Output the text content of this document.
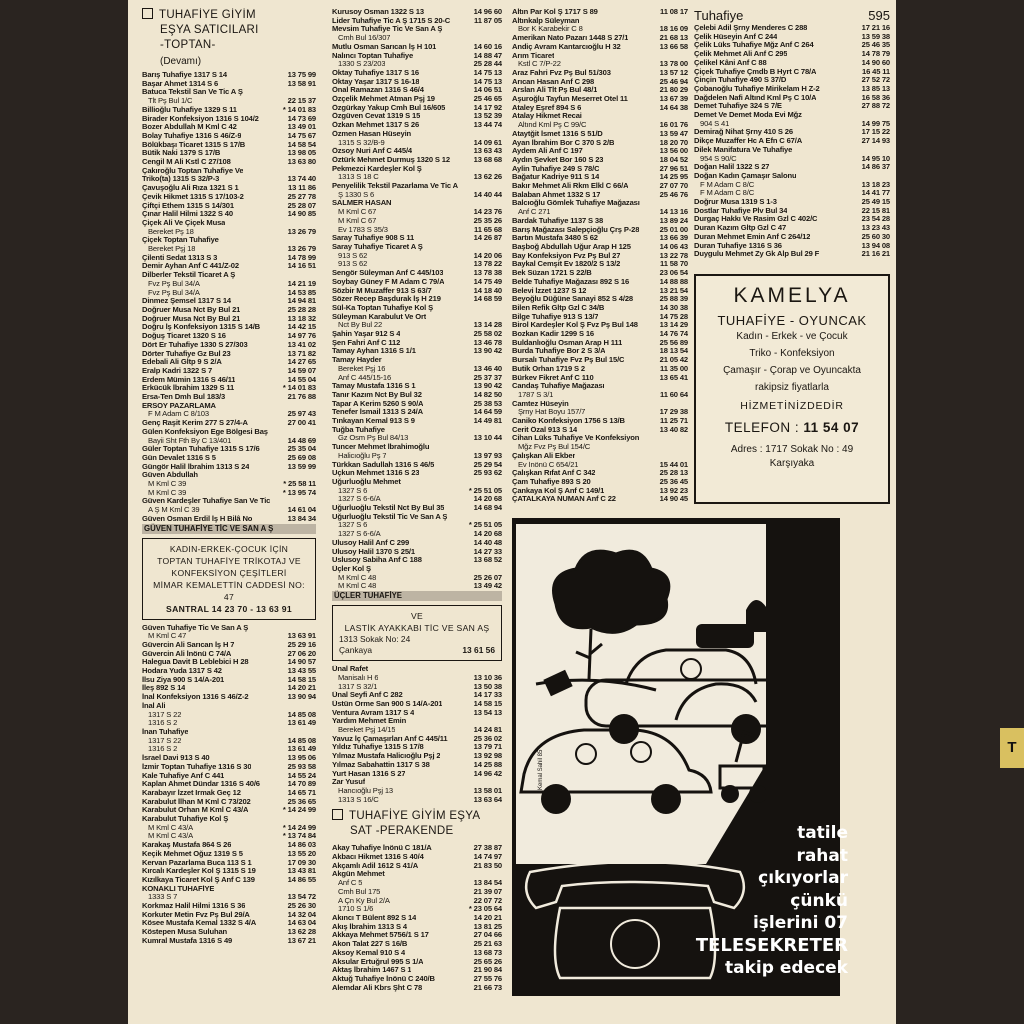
TUHAFİYE GİYİM
EŞYA SATICILARI
-TOPTAN-
(Devamı)
Barış Tuhafiye 1317 S 14	13 75 99
Başar Ahmet 1314 S 6	13 58 91
Batuca Tekstil San Ve Tic A Ş
Tlt Pş Bul 1/C	22 15 37
Billioğlu Tuhafiye 1329 S 11	* 14 01 83
Birader Konfeksiyon 1316 S 104/2	14 73 69
Bozer Abdullah M Kml C 42	13 49 01
Bolay Tuhafiye 1316 S 46/Z-9	14 75 67
Bölükbaşı Ticaret 1315 S 17/B	14 58 54
Bütik Naki 1379 S 17/B	13 98 05
Cengil M Ali Kstl C 27/108	13 63 80
Çakıroğlu Toptan Tuhafiye Ve
Triko(ta) 1315 S 32/P-3	13 74 40
Çavuşoğlu Ali Rıza 1321 S 1	13 11 86
Çevik Hikmet 1315 S 17/103-2	25 27 78
Çiftçi Ethem 1315 S 14/301	25 28 07
Çınar Halil Hilmi 1322 S 40	14 90 85
Çiçek Ali Ve Çiçek Musa
Bereket Pş 18	13 26 79
Çiçek Toptan Tuhafiye
Bereket Pşj 18	13 26 79
Çilenti Sedat 1313 S 3	14 78 99
Demir Ayhan Anf C 441/Z-02	14 16 51
Dilberler Tekstil Ticaret A Ş
Fvz Pş Bul 34/A	14 21 19
Fvz Pş Bul 34/A	14 53 85
Dinmez Şemsel 1317 S 14	14 94 81
Doğruer Musa Nct By Bul 21	25 28 28
Doğruer Musa Nct By Bul 21	13 18 32
Doğru İş Konfeksiyon 1315 S 14/B	14 42 15
Doğuş Ticaret 1320 S 16	14 97 76
Dört Er Tuhafiye 1330 S 27/303	13 41 02
Dörter Tuhafiye Gz Bul 23	13 71 82
Edebali Ali Gltp 9 S 2/A	14 27 65
Eralp Kadri 1322 S 7	14 59 07
Erdem Mümin 1316 S 46/11	14 55 04
Erkücük İbrahim 1329 S 11	* 14 01 83
Ersa-Ten Dmh Bul 183/3	21 76 88
ERSOY PAZARLAMA
F M Adam C 8/103	25 97 43
Genç Raşit Kerim 277 S 27/4-A	27 00 41
Gülen Konfeksiyon Ege Bölgesi Baş
Bayii Sht Fth By C 13/401	14 48 69
Güler Toptan Tuhafiye 1315 S 17/6	25 35 04
Gün Devalet 1316 S 5	25 69 08
Güngör Halil İbrahim 1313 S 24	13 59 99
Güven Abdullah
M Kml C 39	* 25 58 11
M Kml C 39	* 13 95 74
Güven Kardeşler Tuhafiye San Ve Tic
A Ş M Kml C 39	14 61 04
Güven Osman Erdil İş H Bilâ No	13 84 34
GÜVEN TUHAFİYE TİC VE SAN A Ş
KADIN-ERKEK-ÇOCUK İÇİN
TOPTAN TUHAFİYE TRİKOTAJ VE
KONFEKSİYON ÇEŞİTLERİ
MİMAR KEMALETTİN CADDESİ NO: 47
SANTRAL 14 23 70 - 13 63 91
Güven Tuhafiye Tic Ve San A Ş
M Kml C 47	13 63 91
Güvercin Ali Sarıcan İş H 7	25 29 16
Güvercin Ali İnönü C 74/A	27 06 20
Halegua Davit B Leblebici H 28	14 90 57
Hodara Yuda 1317 S 42	13 43 55
İlsu Ziya 900 S 14/A-201	14 58 15
İleş 892 S 14	14 20 21
İnal Konfeksiyon 1316 S 46/Z-2	13 90 94
İnal Ali
1317 S 22	14 85 08
1316 S 2	13 61 49
İnan Tuhafiye
1317 S 22	14 85 08
1316 S 2	13 61 49
İsrael Davi 913 S 40	13 95 06
İzmir Toptan Tuhafiye 1316 S 30	25 93 58
Kale Tuhafiye Anf C 441	14 55 24
Kaplan Ahmet Dündar 1316 S 40/6	14 70 89
Karabayır İzzet Irmak Geç 12	14 65 71
Karabulut İlhan M Kml C 73/202	25 36 65
Karabulut Orhan M Kml C 43/A	* 14 24 99
Karabulut Tuhafiye Kol Ş
M Kml C 43/A	* 14 24 99
M Kml C 43/A	* 13 74 84
Karakaş Mustafa 864 S 26	14 86 03
Keçik Mehmet Oğuz 1319 S 5	13 55 20
Kervan Pazarlama Buca 113 S 1	17 09 30
Kırcalı Kardeşler Kol Ş 1315 S 19	13 43 81
Kızılkaya Ticaret Kol Ş Anf C 139	14 86 55
KONAKLI TUHAFİYE
1333 S 7	13 54 72
Korkmaz Halil Hilmi 1316 S 36	25 26 30
Korkuter Metin Fvz Pş Bul 29/A	14 32 04
Kösee Mustafa Kemal 1332 S 4/A	14 63 04
Köstepen Musa Suluhan	13 62 28
Kumral Mustafa 1316 S 49	13 67 21
Kurusoy Osman 1322 S 13	14 96 60
Lider Tuhafiye Tic A Ş 1715 S 20-C	11 87 05
Mevsim Tuhafiye Tic Ve San A Ş
Cmh Bul 16/307
Mutlu Osman Sarıcan İş H 101	14 60 16
Nalıncı Toptan Tuhafiye	14 88 47
1330 S 23/203	25 28 44
Oktay Tuhafiye 1317 S 16	14 75 13
Oktay Yaşar 1317 S 16-18	14 75 13
Önal Ramazan 1316 S 46/4	14 06 51
Özçelik Mehmet Atman Pşj 19	25 46 65
Özgürkay Yakup Cmh Bul 16/605	14 17 92
Özgüven Cevat 1319 S 15	13 52 39
Özkan Mehmet 1317 S 26	13 44 74
Özmen Hasan Hüseyin
1315 S 32/B-9	14 09 61
Özsoy Nuri Anf C 445/4	13 63 43
Öztürk Mehmet Durmuş 1320 S 12	13 68 68
Pekmezci Kardeşler Kol Ş
1313 S 18 C	13 62 26
Penyelilik Tekstil Pazarlama Ve Tic A
Ş 1330 S 6	14 40 44
SALMER HASAN
M Kml C 67	14 23 76
M Kml C 67	25 35 26
Ev 1783 S 35/3	11 65 68
Saray Tuhafiye 908 S 11	14 26 87
Saray Tuhafiye Ticaret A Ş
913 S 62	14 20 06
913 S 62	13 78 22
Sengör Süleyman Anf C 445/103	13 78 38
Soybay Güney F M Adam C 79/A	14 75 49
Sözbir M Muzaffer 913 S 63/7	14 18 40
Sözer Recep Başdurak İş H 219	14 68 59
Sül-Ka Toptan Tuhafiye Kol Ş
Süleyman Karabulut Ve Ort
Nct By Bul 22	13 14 28
Şahin Yaşar 912 S 4	25 58 02
Şen Fahri Anf C 112	13 46 78
Tamay Ayhan 1316 S 1/1	13 90 42
Tamay Hayder
Bereket Pşj 16	13 46 40
Anf C 445/15-16	25 37 37
Tamay Mustafa 1316 S 1	13 90 42
Tanır Kazım Nct By Bul 32	14 82 50
Tapar A Kerim 5260 S 90/A	25 38 53
Tenefer İsmail 1313 S 24/A	14 64 59
Tınkayan Kemal 913 S 9	14 49 81
Tuğba Tuhafiye
Gz Osm Pş Bul 84/13	13 10 44
Tuncer Mehmet İbrahimoğlu
Halicıoğlu Pş 7	13 97 93
Türkkan Sadullah 1316 S 46/5	25 29 54
Uçkun Mehmet 1316 S 23	25 93 62
Uğurluoğlu Mehmet
1327 S 6	* 25 51 05
1327 S 6-6/A	14 20 68
Uğurluoğlu Tekstil Nct By Bul 35	14 68 94
Uğurluoğlu Tekstil Tic Ve San A Ş
1327 S 6	* 25 51 05
1327 S 6-6/A	14 20 68
Ulusoy Halil Anf C 299	14 40 48
Ulusoy Halil 1370 S 25/1	14 27 33
Uslusoy Sabiha Anf C 188	13 68 52
Üçler Kol Ş
M Kml C 48	25 26 07
M Kml C 48	13 49 42
ÜÇLER TUHAFİYE
VE
LASTİK AYAKKABI TİC VE SAN AŞ
1313 Sokak No: 24
Çankaya	13 61 56
Ünal Rafet
Manisalı H 6	13 10 36
1317 S 32/1	13 50 38
Ünal Seyfi Anf C 282	14 17 33
Üstün Orme San 900 S 14/A-201	14 58 15
Ventura Avram 1317 S 4	13 54 13
Yardım Mehmet Emin
Bereket Pşj 14/15	14 24 81
Yavuz İç Çamaşırları Anf C 445/11	25 36 02
Yıldız Tuhafiye 1315 S 17/8	13 79 71
Yılmaz Mustafa Halicıoğlu Pşj 2	13 92 98
Yılmaz Sabahattin 1317 S 38	14 25 88
Yurt Hasan 1316 S 27	14 96 42
Zar Yusuf
Hancıoğlu Pşj 13	13 58 01
1313 S 16/C	13 63 64
TUHAFİYE GİYİM EŞYA
SAT -PERAKENDE
Akay Tuhafiye İnönü C 181/A	27 38 87
Akbacı Hikmet 1316 S 40/4	14 74 97
Akçamlı Adil 1612 S 41/A	21 83 50
Akgün Mehmet
Anf C 5	13 84 54
Cmh Bul 175	21 39 07
A Çn Ky Bul 2/A	22 07 72
1710 S 1/6	* 23 05 64
Akıncı T Bülent 892 S 14	14 20 21
Akış İbrahim 1313 S 4	13 81 25
Akkaya Mehmet 5756/1 S 17	27 04 66
Akon Talat 227 S 16/B	25 21 63
Aksoy Kemal 910 S 4	13 68 73
Aksular Ertuğrul 995 S 1/A	25 65 26
Aktaş İbrahim 1467 S 1	21 90 84
Aktuğ Tuhafiye İnönü C 240/B	27 55 76
Alemdar Ali Kbrs Şht C 78	21 66 73
Altın Par Kol Ş 1717 S 89	11 08 17
Altınkalp Süleyman
Bor K Karabekir C 8	18 16 09
Amerikan Nato Pazarı 1448 S 27/1	21 68 13
Andiç Avram Kantarcıoğlu H 32	13 66 58
Arım Ticaret
Kstl C 7/P-22	13 78 00
Araz Fahri Fvz Pş Bul 51/303	13 57 12
Arıcan Hasan Anf C 298	25 46 94
Arslan Ali Tlt Pş Bul 48/1	21 80 29
Aşuroğlu Tayfun Meserret Otel 11	13 67 39
Ataley Eşref 894 S 6	14 64 38
Atalay Hikmet Recai
Altınd Kml Pş C 99/C	16 01 76
Ataytğit İsmet 1316 S 51/D	13 59 47
Ayan İbrahim Bor C 370 S 2/B	18 20 70
Aydem Ali Anf C 197	13 56 00
Aydın Şevket Bor 160 S 23	18 04 52
Aylin Tuhafiye 249 S 78/C	27 96 51
Bağatur Kadriye 911 S 14	14 25 95
Bakır Mehmet Ali Rkm Elkl C 66/A	27 07 70
Balaban Ahmet 1332 S 17	25 46 76
Balcıoğlu Gömlek Tuhafiye Mağazası
Anf C 271	14 13 16
Bardak Tuhafiye 1137 S 38	13 89 24
Barış Mağazası Salepçioğlu Çrş P-28	25 01 00
Bartın Mustafa 3480 S 62	13 66 39
Başboğ Abdullah Uğur Arap H 125	14 06 43
Bay Konfeksiyon Fvz Pş Bul 27	13 22 78
Baykal Cemşit Ev 1820/2 S 13/2	11 58 70
Bek Süzan 1721 S 22/B	23 06 54
Belde Tuhafiye Mağazası 892 S 16	14 88 88
Belevi İzzet 1237 S 12	13 21 54
Beyoğlu Düğüne Sanayi 852 S 4/28	25 88 39
Bilen Refik Gltp Gzl C 34/B	14 30 38
Bilge Tuhafiye 913 S 13/7	14 75 28
Birol Kardeşler Kol Ş Fvz Pş Bul 148	13 14 29
Bozkan Kadir 1299 S 16	14 76 74
Buldanlıoğlu Osman Arap H 111	25 56 89
Burda Tuhafiye Bor 2 S 3/A	18 13 54
Bursalı Tuhafiye Fvz Pş Bul 15/C	21 05 42
Butik Orhan 1719 S 2	11 35 00
Bürkev Fikret Anf C 110	13 65 41
Candaş Tuhafiye Mağazası
1787 S 3/1	11 60 64
Camtez Hüseyin
Şrny Hat Boyu 157/7	17 29 38
Caniko Konfeksiyon 1756 S 13/B	11 25 71
Cerit Özal 913 S 14	13 40 82
Cihan Lüks Tuhafiye Ve Konfeksiyon
Mğz Fvz Pş Bul 154/C
Çalışkan Ali Ekber
Ev İnönü C 654/21	15 44 01
Çalışkan Rıfat Anf C 342	25 28 13
Çam Tuhafiye 893 S 20	25 36 45
Çankaya Kol Ş Anf C 149/1	13 92 23
ÇATALKAYA NUMAN Anf C 22	14 90 45
Tuhafiye	595
Çelebi Adil Şrny Menderes C 288	17 21 16
Çelik Hüseyin Anf C 244	13 59 38
Çelik Lüks Tuhafiye Mğz Anf C 264	25 46 35
Çelik Mehmet Ali Anf C 295	14 78 79
Çelikel Kâni Anf C 88	14 90 60
Çiçek Tuhafiye Çmdb B Hyrt C 78/A	16 45 11
Çinçin Tuhafiye 490 S 37/D	27 52 72
Çobanoğlu Tuhafiye Mirikelam H Z-2	13 85 13
Dağdelen Nafi Altınd Kml Pş C 10/A	16 58 36
Demet Tuhafiye 324 S 7/E	27 88 72
Demet Ve Demet Moda Evi Mğz
904 S 41	14 99 75
Demirağ Nihat Şrny 410 S 26	17 15 22
Dikçe Muzaffer Hc A Efn C 67/A	27 14 93
Dilek Manifatura Ve Tuhafiye
954 S 90/C	14 95 10
Doğan Halil 1322 S 27	14 86 37
Doğan Kadın Çamaşır Salonu
F M Adam C 8/C	13 18 23
F M Adam C 8/C	14 41 77
Doğrur Musa 1319 S 1-3	25 49 15
Dostlar Tuhafiye Plv Bul 34	22 15 81
Durgaç Hakkı Ve Rasim Gzl C 402/C	23 54 28
Duran Kazım Gltp Gzl C 47	13 23 43
Duran Mehmet Emin Anf C 264/12	25 60 30
Duran Tuhafiye 1316 S 36	13 94 08
Duygulu Mehmet Zy Gk Alp Bul 29 F	21 16 21
KAMELYA
TUHAFİYE - OYUNCAK
Kadın - Erkek - ve Çocuk
Triko - Konfeksiyon
Çamaşır - Çorap ve Oyuncakta
rakipsiz fiyatlarla
HİZMETİNİZDEDİR
TELEFON : 11 54 07
Adres : 1717 Sokak No : 49
Karşıyaka
Kemal Sahil 85
tatile
rahat
çıkıyorlar
çünkü
işlerini 07
TELESEKRETER
takip edecek
T
